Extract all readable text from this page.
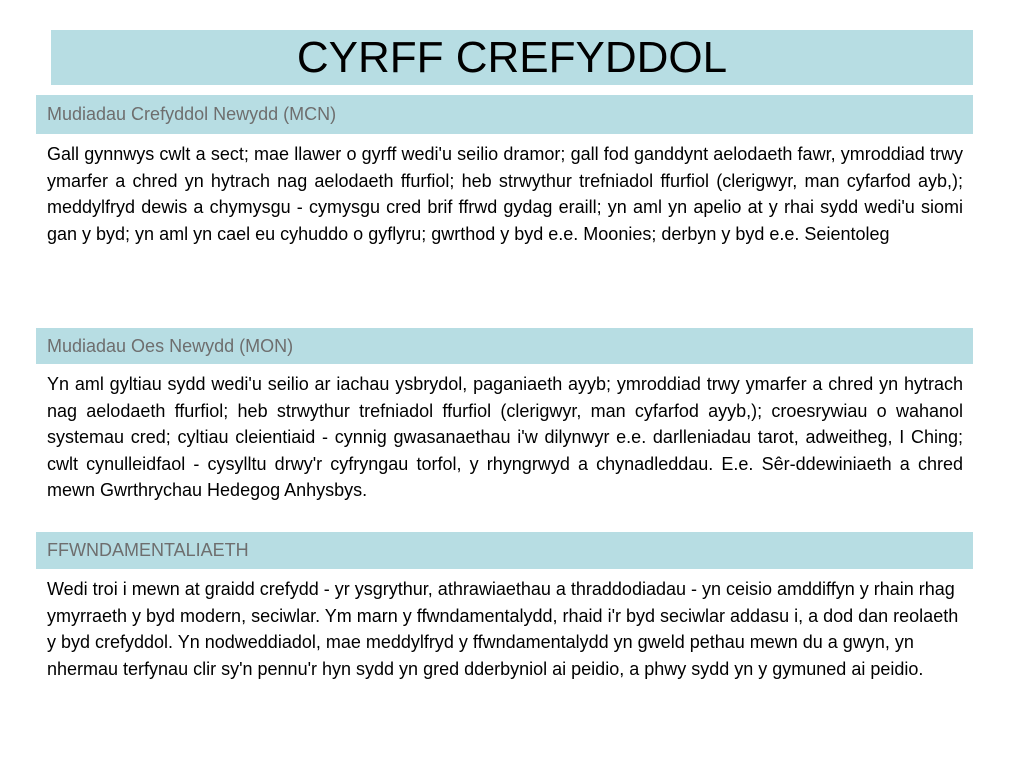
CYRFF CREFYDDOL
Mudiadau Crefyddol Newydd (MCN)

Gall gynnwys cwlt a sect; mae llawer o gyrff wedi'u seilio dramor; gall fod ganddynt aelodaeth fawr, ymroddiad trwy ymarfer a chred yn hytrach nag aelodaeth ffurfiol; heb strwythur trefniadol ffurfiol (clerigwyr, man cyfarfod ayb,); meddylfryd dewis a chymysgu - cymysgu cred brif ffrwd gydag eraill; yn aml yn apelio at y rhai sydd wedi'u siomi gan y byd; yn aml yn cael eu cyhuddo o gyflyru; gwrthod y byd e.e. Moonies; derbyn y byd e.e. Seientoleg

Mudiadau Oes Newydd (MON)

Yn aml gyltiau sydd wedi'u seilio ar iachau ysbrydol, paganiaeth ayyb; ymroddiad trwy ymarfer a chred yn hytrach nag aelodaeth ffurfiol; heb strwythur trefniadol ffurfiol (clerigwyr, man cyfarfod ayyb,); croesrywiau o wahanol systemau cred; cyltiau cleientiaid - cynnig gwasanaethau i'w dilynwyr e.e. darlleniadau tarot, adweitheg, I Ching; cwlt cynulleidfaol - cysylltu drwy'r cyfryngau torfol, y rhyngrwyd a chynadleddau. E.e. Sêr-ddewiniaeth a chred mewn Gwrthrychau Hedegog Anhysbys.

FFWNDAMENTALIAETH

Wedi troi i mewn at graidd crefydd - yr ysgrythur, athrawiaethau a thraddodiadau - yn ceisio amddiffyn y rhain rhag ymyrraeth y byd modern, seciwlar. Ym marn y ffwndamentalydd, rhaid i'r byd seciwlar addasu i, a dod dan reolaeth y byd crefyddol. Yn nodweddiadol, mae meddylfryd y ffwndamentalydd yn gweld pethau mewn du a gwyn, yn nhermau terfynau clir sy'n pennu'r hyn sydd yn gred dderbyniol ai peidio, a phwy sydd yn y gymuned ai peidio.
